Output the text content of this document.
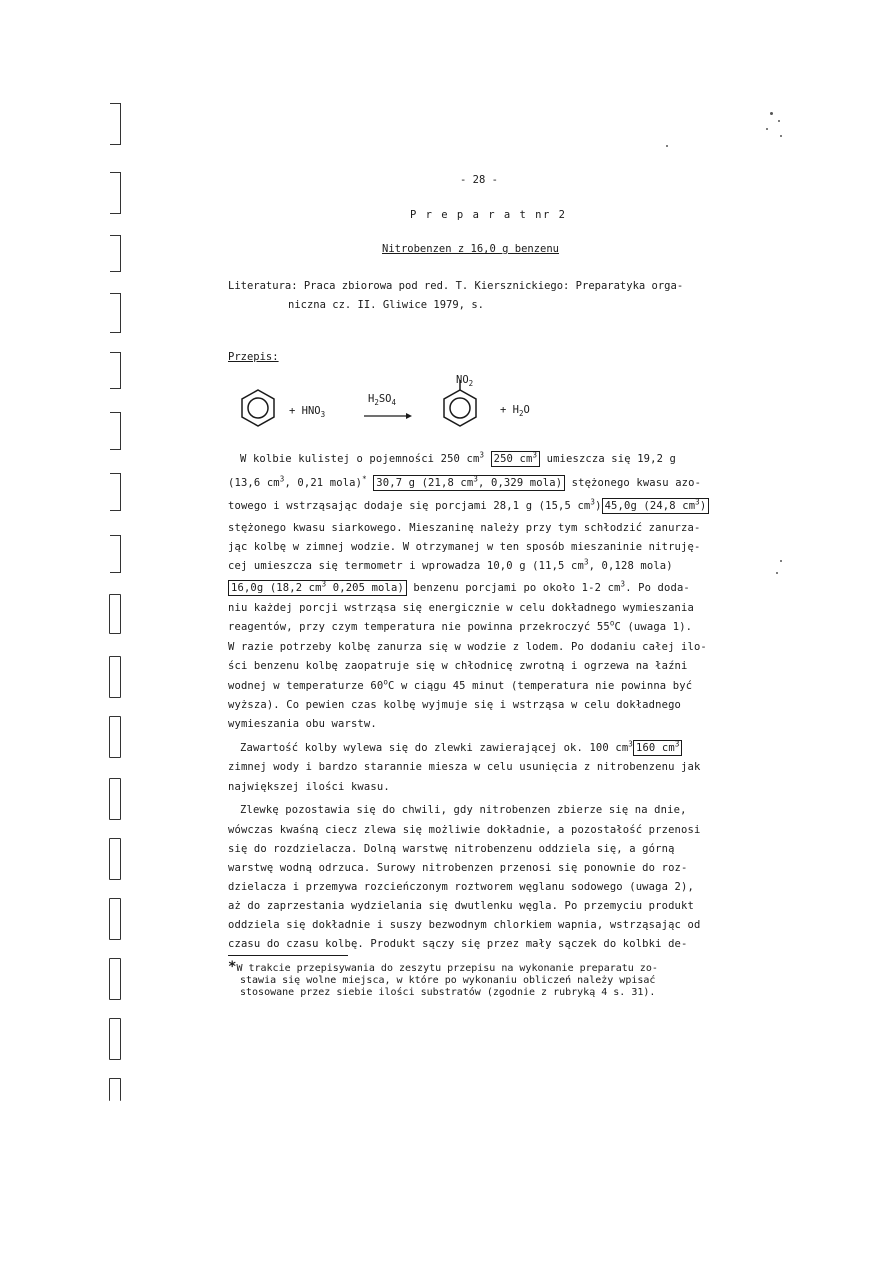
- 28 -
P r e p a r a t nr 2
Nitrobenzen z 16,0 g benzenu
Literatura: Praca zbiorowa pod red. T. Kiersznickiego: Preparatyka orga-
niczna cz. II. Gliwice 1979, s.
Przepis:
+ $HNO_3$
$H_2SO_4$
$NO_2$
+ $H_2O$
W kolbie kulistej o pojemności 250 $cm^3$ 250 $cm^3$ umieszcza się 19,2 g
(13,6 $cm^3$, 0,21 mola)* 30,7 g (21,8 $cm^3$, 0,329 mola) stężonego kwasu azo-
towego i wstrząsając dodaje się porcjami 28,1 g (15,5 $cm^3$) 45,0g (24,8 $cm^3$)
stężonego kwasu siarkowego. Mieszaninę należy przy tym schłodzić zanurza-
jąc kolbę w zimnej wodzie. W otrzymanej w ten sposób mieszaninie nitruję-
cej umieszcza się termometr i wprowadza 10,0 g (11,5 $cm^3$, 0,128 mola)
16,0g (18,2 $cm^3$ 0,205 mola) benzenu porcjami po około 1-2 $cm^3$. Po doda-
niu każdej porcji wstrząsa się energicznie w celu dokładnego wymieszania
reagentów, przy czym temperatura nie powinna przekroczyć 55$^o$C (uwaga 1).
W razie potrzeby kolbę zanurza się w wodzie z lodem. Po dodaniu całej ilo-
ści benzenu kolbę zaopatruje się w chłodnicę zwrotną i ogrzewa na łaźni
wodnej w temperaturze 60$^o$C w ciągu 45 minut (temperatura nie powinna być
wyższa). Co pewien czas kolbę wyjmuje się i wstrząsa w celu dokładnego
wymieszania obu warstw.
Zawartość kolby wylewa się do zlewki zawierającej ok. 100 $cm^3$ 160 $cm^3$
zimnej wody i bardzo starannie miesza w celu usunięcia z nitrobenzenu jak
największej ilości kwasu.
Zlewkę pozostawia się do chwili, gdy nitrobenzen zbierze się na dnie,
wówczas kwaśną ciecz zlewa się możliwie dokładnie, a pozostałość przenosi
się do rozdzielacza. Dolną warstwę nitrobenzenu oddziela się, a górną
warstwę wodną odrzuca. Surowy nitrobenzen przenosi się ponownie do roz-
dzielacza i przemywa rozcieńczonym roztworem węglanu sodowego (uwaga 2),
aż do zaprzestania wydzielania się dwutlenku węgla. Po przemyciu produkt
oddziela się dokładnie i suszy bezwodnym chlorkiem wapnia, wstrząsając od
czasu do czasu kolbę. Produkt sączy się przez mały sączek do kolbki de-
*W trakcie przepisywania do zeszytu przepisu na wykonanie preparatu zo-
stawia się wolne miejsca, w które po wykonaniu obliczeń należy wpisać
stosowane przez siebie ilości substratów (zgodnie z rubryką 4 s. 31).
